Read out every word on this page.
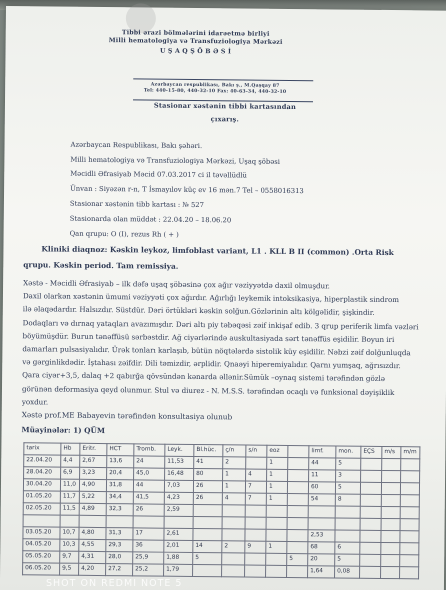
Tibbi ərazi bölmələrini idarəetmə birliyi
Milli hematologiya və Transfuziologiya Mərkəzi
U Ş A Q Ş Ö B Ə S İ
Azərbaycan respublikası, Bakı ş., M.Qaşqay 87
Tel: 440-15-80, 440-32-10 Fax: 40-63-34, 440-32-10
Stasionar xəstənin tibbi kartasından
çıxarış.
Azərbaycan Respublikası, Bakı şəhəri.
Milli hematologiya və Transfuziologiya Mərkəzi, Uşaq şöbəsi
Məcidli Əfrasiyab Məcid 07.03.2017 ci il təvəllüdlü
Ünvan : Siyəzən r-n, T İsmayılov küç ev 16 mən.7 Tel – 0558016313
Stasionar xəstənin tibb kartası : № 527
Stasionarda olan müddət : 22.04.20 – 18.06.20
Qan qrupu: O (I), rezus Rh ( + )
Kliniki diaqnoz: Kəskin leykoz, limfoblast variant, L1 . KLL B II (common) .Orta Risk
qrupu. Kəskin period. Tam remissiya.
Xəstə - Məcidli Əfrasiyab – ilk dəfə uşaq şöbəsinə çox ağır vəziyyətdə daxil olmuşdur.
Daxil olarkən xəstənin ümumi vəziyyəti çox ağırdır. Ağırlığı leykemik intoksikasiya, hiperplastik sindrom
ilə əlaqədardır. Halsızdır. Süstdür. Dəri örtükləri kəskin solğun.Gözlərinin altı kölgəlidir, şişkindir.
Dodaqları və dırnaq yataqları avazımışdır. Dəri altı piy təbəqəsi zəif inkişaf edib. 3 qrup periferik limfa vəzləri
böyümüşdür. Burun tənəffüsü sərbəstdir. Ağ ciyərlərində auskultasiyada sərt tənəffüs eşidilir. Boyun iri
damarları pulsasiyalıdır. Ürək tonları karlaşıb, bütün nöqtələrdə sistolik küy eşidilir. Nəbzi zəif dolğunluqda
və gərginlikdədir. İştahası zəifdir. Dili təmizdir, ərplidir. Qnaəyi hiperemiyalıdır. Qarnı yumşaq, ağrısızdır.
Qara ciyər+3,5, dalaq +2 qabırğa qövsündən kənarda əllənir.Sümük –oynaq sistemi tərəfindən gözlə
görünən deformasiya qeyd olunmur. Stul və diurez - N. M.S.S. tərəfindən ocaqlı və funksional dəyişiklik
yoxdur.
Xəstə prof.ME Babayevin tərəfindən konsultasiya olunub
Müayinələr: 1) QÜM
tarix	Hb	Eritr.	HCT	Tromb.	Leyk.	Bl.hüc.	ç/n	s/n	eoz		limf.	mon.	EÇS	m/s	m/m
22.04.20	4,4	2,67	13,6	24	11,53	41	2		1		44	5			
28.04.20	6,9	3,23	20,4	45,0	16,48	80	1	4	1		11	3			
30.04.20	11,0	4,90	31,8	44	7,03	26	1	7	1		60	5			
01.05.20	11,7	5,22	34,4	41,5	4,23	26	4	7	1		54	8			
02.05.20	11,5	4,89	32,3	26	2,59										

03.05.20	10,7	4,80	31,3	17	2,61						2,53				
04.05.20	10,3	4,55	29,3	36	2,01	14	2	9	1		68	6			
05.05.20	9,7	4,31	28,0	25,9	1,88	5				5	20	5			
06.05.20	9,5	4,20	27,2	25,2	1,79						1,64	0,08			
SHOT ON REDMI NOTE 5
